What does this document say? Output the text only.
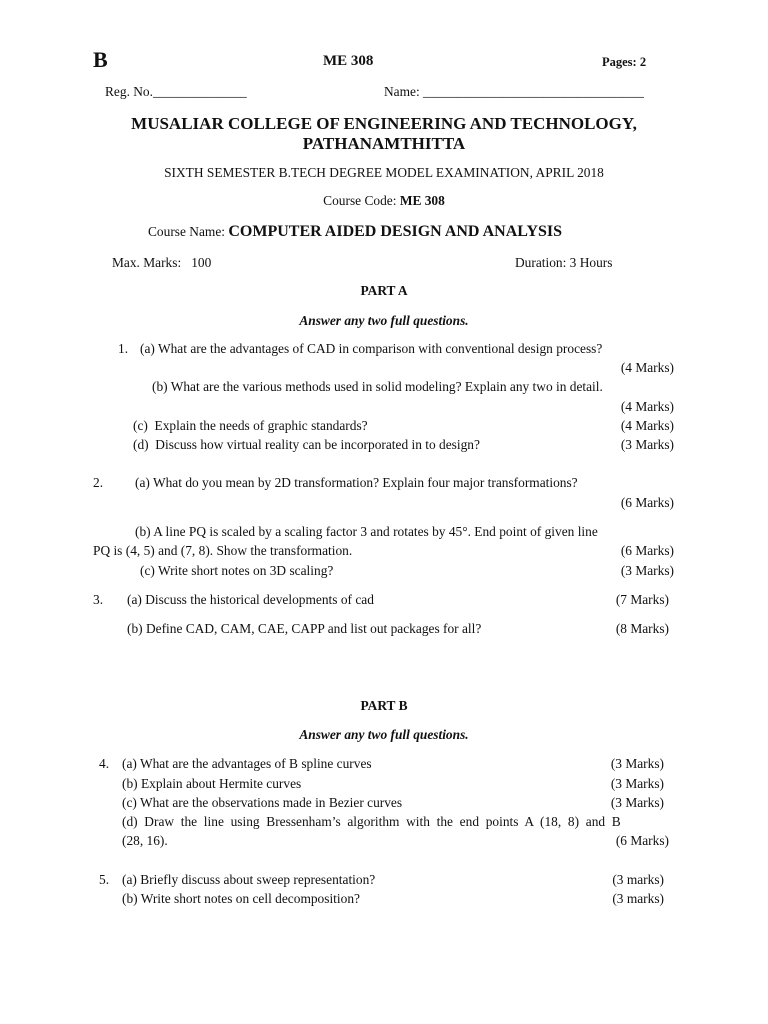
B	ME 308	Pages: 2
Reg. No.______________	Name: _________________________________
MUSALIAR COLLEGE OF ENGINEERING AND TECHNOLOGY,
PATHANAMTHITTA
SIXTH SEMESTER B.TECH DEGREE MODEL EXAMINATION, APRIL 2018
Course Code: ME 308
Course Name: COMPUTER AIDED DESIGN AND ANALYSIS
Max. Marks:   100	Duration: 3 Hours
PART A
Answer any two full questions.
1. (a) What are the advantages of CAD in comparison with conventional design process?
(4 Marks)
(b) What are the various methods used in solid modeling? Explain any two in detail.
(4 Marks)
(c)  Explain the needs of graphic standards?	(4 Marks)
(d)  Discuss how virtual reality can be incorporated in to design?	(3 Marks)
2. (a) What do you mean by 2D transformation? Explain four major transformations?
(6 Marks)
(b) A line PQ is scaled by a scaling factor 3 and rotates by 45°. End point of given line
PQ is (4, 5) and (7, 8). Show the transformation.	(6 Marks)
(c) Write short notes on 3D scaling?	(3 Marks)
3. (a) Discuss the historical developments of cad	(7 Marks)
(b) Define CAD, CAM, CAE, CAPP and list out packages for all?	(8 Marks)
PART B
Answer any two full questions.
4. (a) What are the advantages of B spline curves	(3 Marks)
(b) Explain about Hermite curves	(3 Marks)
(c) What are the observations made in Bezier curves	(3 Marks)
(d)  Draw  the  line  using  Bressenham’s  algorithm  with  the  end  points  A  (18,  8)  and  B
(28, 16).	(6 Marks)
5. (a) Briefly discuss about sweep representation?	(3 marks)
(b) Write short notes on cell decomposition?	(3 marks)
